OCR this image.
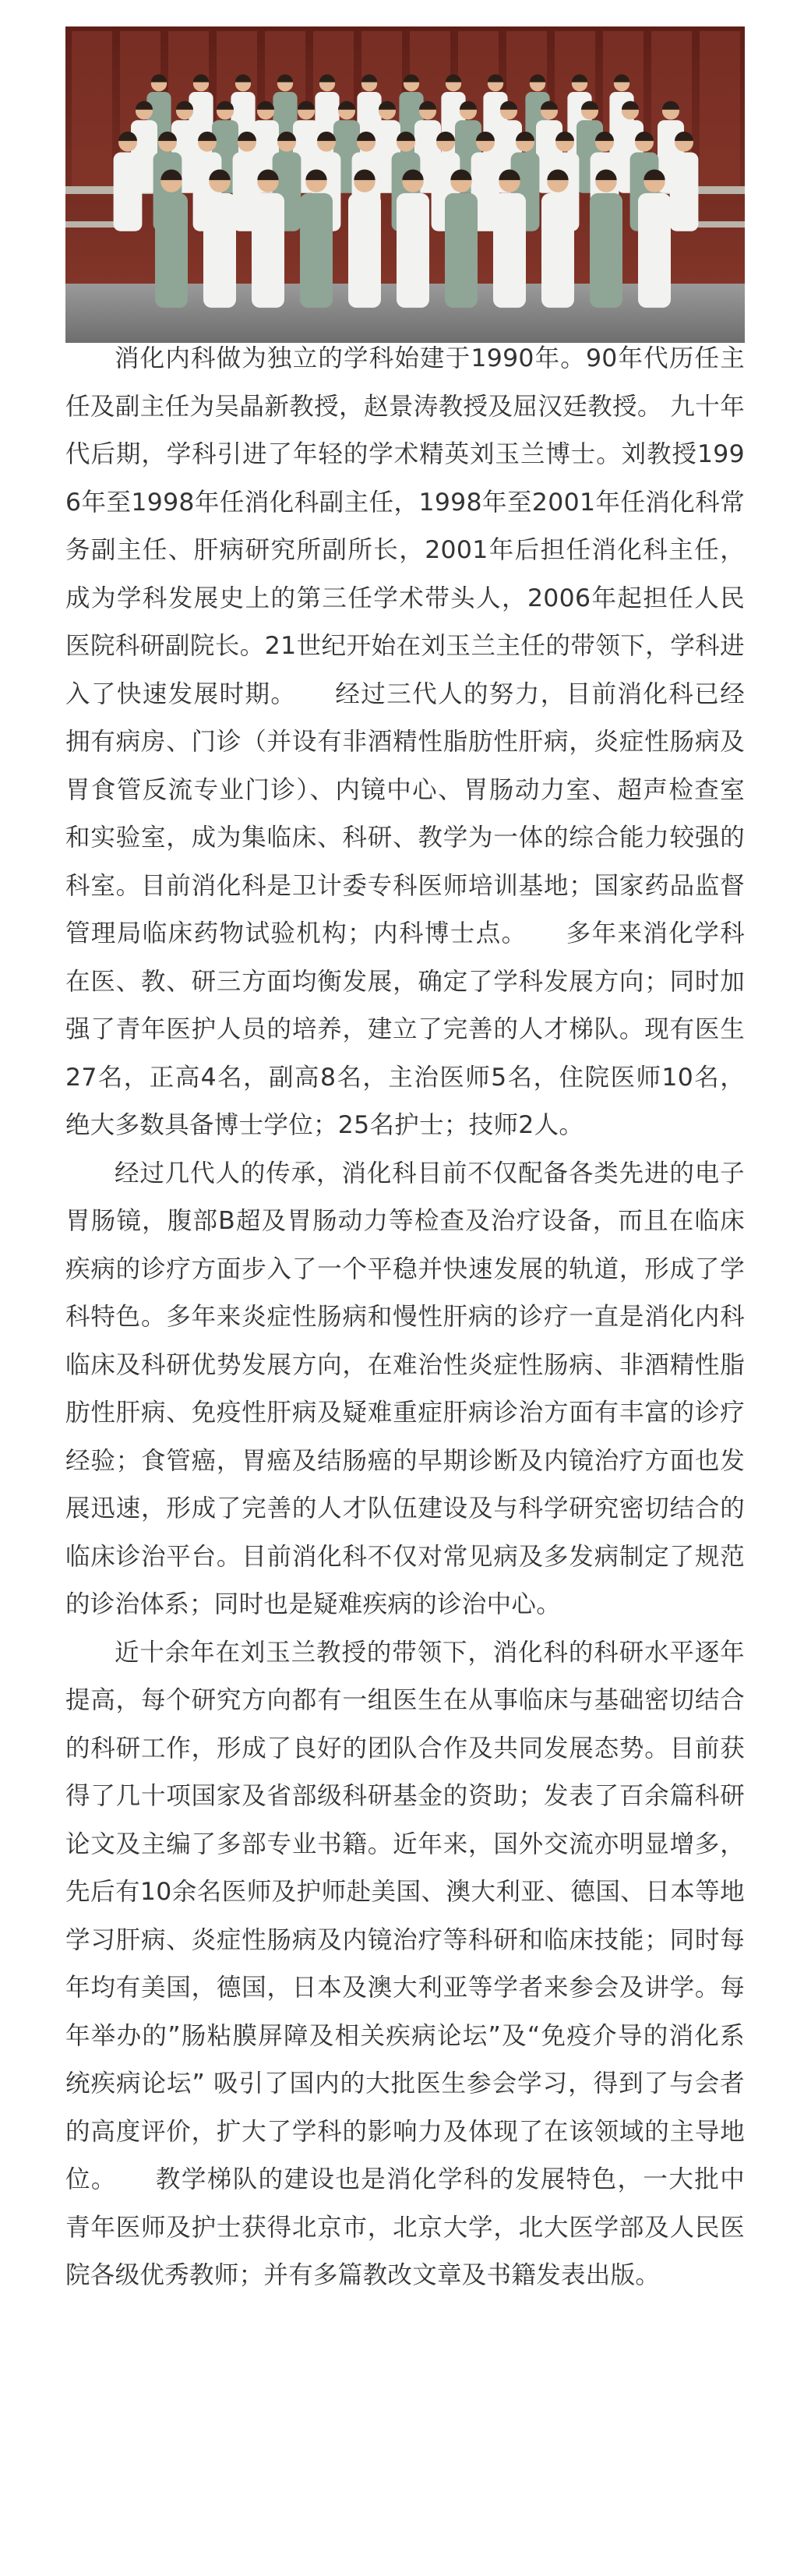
消化内科做为独立的学科始建于1990年。90年代历任主任及副主任为吴晶新教授，赵景涛教授及屈汉廷教授。 九十年代后期，学科引进了年轻的学术精英刘玉兰博士。刘教授1996年至1998年任消化科副主任，1998年至2001年任消化科常务副主任、肝病研究所副所长，2001年后担任消化科主任，成为学科发展史上的第三任学术带头人，2006年起担任人民医院科研副院长。21世纪开始在刘玉兰主任的带领下，学科进入了快速发展时期。　　经过三代人的努力，目前消化科已经拥有病房、门诊（并设有非酒精性脂肪性肝病，炎症性肠病及胃食管反流专业门诊）、内镜中心、胃肠动力室、超声检查室和实验室，成为集临床、科研、教学为一体的综合能力较强的科室。目前消化科是卫计委专科医师培训基地；国家药品监督管理局临床药物试验机构；内科博士点。　　多年来消化学科在医、教、研三方面均衡发展，确定了学科发展方向；同时加强了青年医护人员的培养，建立了完善的人才梯队。现有医生27名，正高4名，副高8名，主治医师5名，住院医师10名，绝大多数具备博士学位；25名护士；技师2人。

经过几代人的传承，消化科目前不仅配备各类先进的电子胃肠镜，腹部B超及胃肠动力等检查及治疗设备，而且在临床疾病的诊疗方面步入了一个平稳并快速发展的轨道，形成了学科特色。多年来炎症性肠病和慢性肝病的诊疗一直是消化内科临床及科研优势发展方向，在难治性炎症性肠病、非酒精性脂肪性肝病、免疫性肝病及疑难重症肝病诊治方面有丰富的诊疗经验；食管癌，胃癌及结肠癌的早期诊断及内镜治疗方面也发展迅速，形成了完善的人才队伍建设及与科学研究密切结合的临床诊治平台。目前消化科不仅对常见病及多发病制定了规范的诊治体系；同时也是疑难疾病的诊治中心。

近十余年在刘玉兰教授的带领下，消化科的科研水平逐年提高，每个研究方向都有一组医生在从事临床与基础密切结合的科研工作，形成了良好的团队合作及共同发展态势。目前获得了几十项国家及省部级科研基金的资助；发表了百余篇科研论文及主编了多部专业书籍。近年来，国外交流亦明显增多，先后有10余名医师及护师赴美国、澳大利亚、德国、日本等地学习肝病、炎症性肠病及内镜治疗等科研和临床技能；同时每年均有美国，德国，日本及澳大利亚等学者来参会及讲学。每年举办的”肠粘膜屏障及相关疾病论坛”及“免疫介导的消化系统疾病论坛” 吸引了国内的大批医生参会学习，得到了与会者的高度评价，扩大了学科的影响力及体现了在该领域的主导地位。　　教学梯队的建设也是消化学科的发展特色，一大批中青年医师及护士获得北京市，北京大学，北大医学部及人民医院各级优秀教师；并有多篇教改文章及书籍发表出版。
